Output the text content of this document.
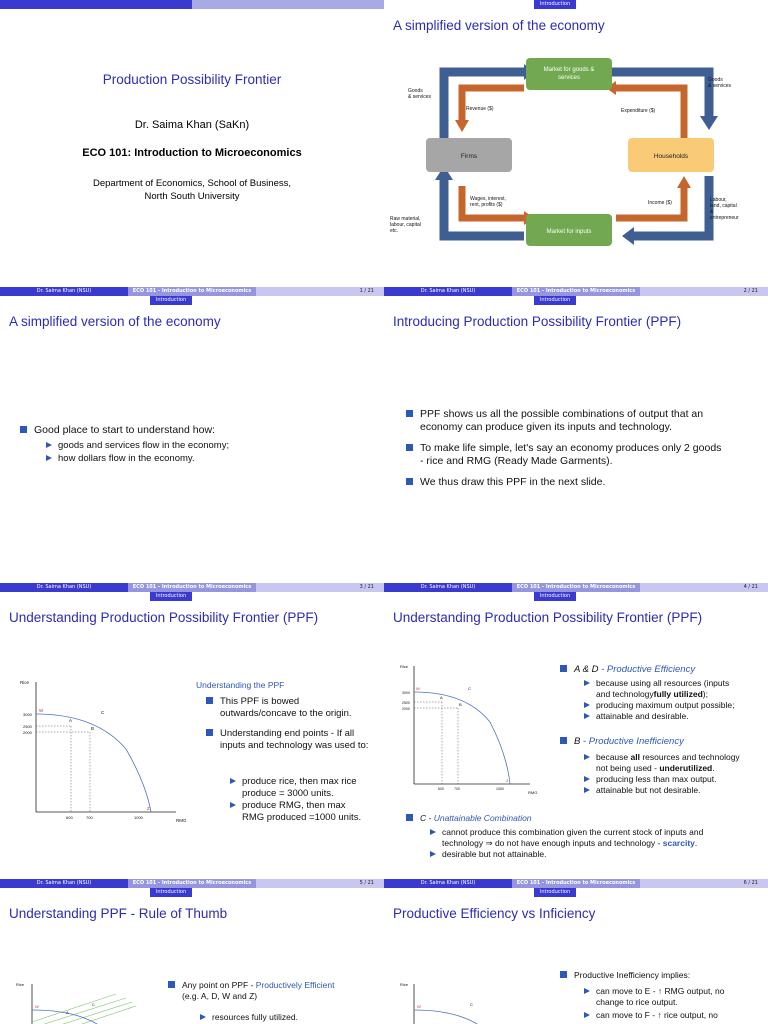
Production Possibility Frontier
Dr. Saima Khan (SaKn)
ECO 101: Introduction to Microeconomics
Department of Economics, School of Business,
North South University
Dr. Saima Khan (NSU)	ECO 101 - Introduction to Microeconomics	1 / 21
Introduction
A simplified version of the economy
Market for goods & services
Firms	Households
Market for inputs
Goods & services
Goods & services
Revenue ($)	Expenditure ($)
Wages, interest, rent, profits ($)	Income ($)
Raw material, labour, capital etc.
Labour, land, capital & entrepreneur
Dr. Saima Khan (NSU)	ECO 101 - Introduction to Microeconomics	2 / 21
Introduction
A simplified version of the economy
Good place to start to understand how:
goods and services flow in the economy;
how dollars flow in the economy.
Dr. Saima Khan (NSU)	ECO 101 - Introduction to Microeconomics	3 / 21
Introduction
Introducing Production Possibility Frontier (PPF)
PPF shows us all the possible combinations of output that an
economy can produce given its inputs and technology.
To make life simple, let's say an economy produces only 2 goods
- rice and RMG (Ready Made Garments).
We thus draw this PPF in the next slide.
Dr. Saima Khan (NSU)	ECO 101 - Introduction to Microeconomics	4 / 21
Introduction
Understanding Production Possibility Frontier (PPF)
Rice
3000
2500
2000
600	700	1000
RMG
W
A
B
C
Z
Understanding the PPF
This PPF is bowed
outwards/concave to the origin.
Understanding end points - If all
inputs and technology was used to:
produce rice, then max rice
produce = 3000 units.
produce RMG, then max
RMG produced =1000 units.
Dr. Saima Khan (NSU)	ECO 101 - Introduction to Microeconomics	5 / 21
Introduction
Understanding Production Possibility Frontier (PPF)
Rice
3000
2500
2000
600	700	1000
RMG
W
A
B
C
Z
A & D - Productive Efficiency
because using all resources (inputs
and technologyfully utilized);
producing maximum output possible;
attainable and desirable.
B - Productive Inefficiency
because all resources and technology
not being used - underutilized.
producing less than max output.
attainable but not desirable.
C - Unattainable Combination
cannot produce this combination given the current stock of inputs and
technology ⇒ do not have enough inputs and technology - scarcity.
desirable but not attainable.
Dr. Saima Khan (NSU)	ECO 101 - Introduction to Microeconomics	6 / 21
Introduction
Understanding PPF - Rule of Thumb
Rice
W
A
C
Any point on PPF - Productively Efficient
(e.g. A, D, W and Z)
resources fully utilized.
Introduction
Productive Efficiency vs Inficiency
Rice
W	C
Productive Inefficiency implies:
can move to E - ↑ RMG output, no
change to rice output.
can move to F - ↑ rice output, no
